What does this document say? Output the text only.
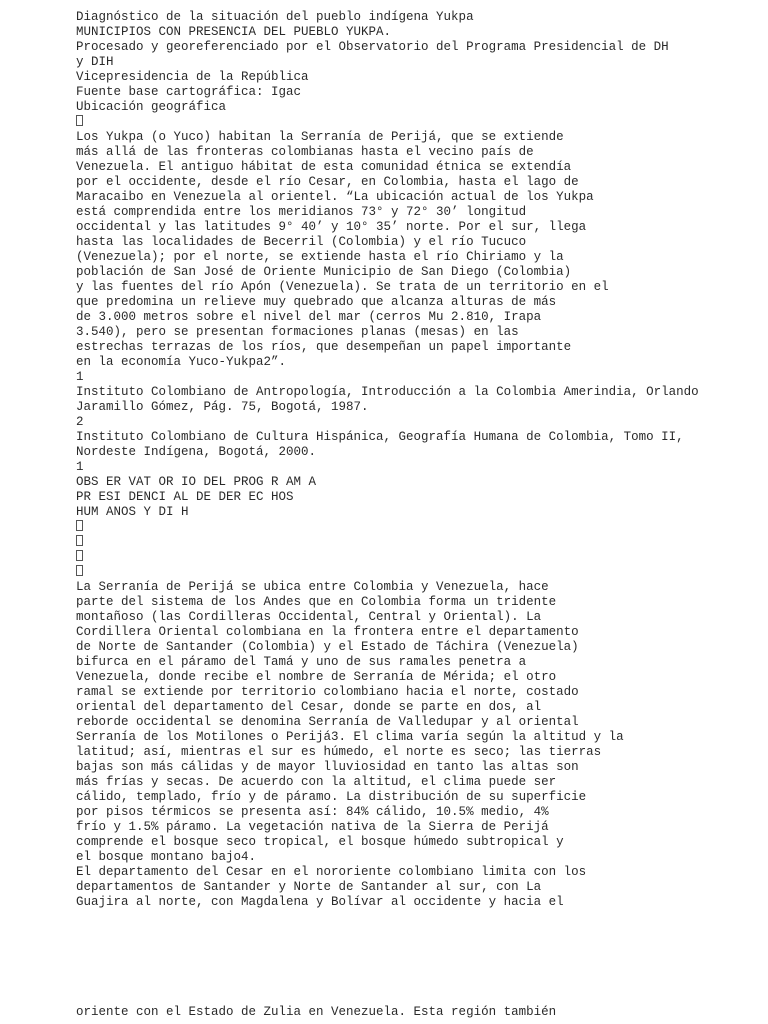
Diagnóstico de la situación del pueblo indígena Yukpa
MUNICIPIOS CON PRESENCIA DEL PUEBLO YUKPA.
Procesado y georeferenciado por el Observatorio del Programa Presidencial de DH
y DIH
Vicepresidencia de la República
Fuente base cartográfica: Igac
Ubicación geográfica
Los Yukpa (o Yuco) habitan la Serranía de Perijá, que se extiende
más allá de las fronteras colombianas hasta el vecino país de
Venezuela. El antiguo hábitat de esta comunidad étnica se extendía
por el occidente, desde el río Cesar, en Colombia, hasta el lago de
Maracaibo en Venezuela al orientel. “La ubicación actual de los Yukpa
está comprendida entre los meridianos 73° y 72° 30’ longitud
occidental y las latitudes 9° 40’ y 10° 35’ norte. Por el sur, llega
hasta las localidades de Becerril (Colombia) y el río Tucuco
(Venezuela); por el norte, se extiende hasta el río Chiriamo y la
población de San José de Oriente Municipio de San Diego (Colombia)
y las fuentes del río Apón (Venezuela). Se trata de un territorio en el
que predomina un relieve muy quebrado que alcanza alturas de más
de 3.000 metros sobre el nivel del mar (cerros Mu 2.810, Irapa
3.540), pero se presentan formaciones planas (mesas) en las
estrechas terrazas de los ríos, que desempeñan un papel importante
en la economía Yuco-Yukpa2”.
1
Instituto Colombiano de Antropología, Introducción a la Colombia Amerindia, Orlando
Jaramillo Gómez, Pág. 75, Bogotá, 1987.
2
Instituto Colombiano de Cultura Hispánica, Geografía Humana de Colombia, Tomo II,
Nordeste Indígena, Bogotá, 2000.
1
OBS ER VAT OR IO DEL PROG R AM A
PR ESI DENCI AL DE DER EC HOS
HUM ANOS Y DI H
La Serranía de Perijá se ubica entre Colombia y Venezuela, hace
parte del sistema de los Andes que en Colombia forma un tridente
montañoso (las Cordilleras Occidental, Central y Oriental). La
Cordillera Oriental colombiana en la frontera entre el departamento
de Norte de Santander (Colombia) y el Estado de Táchira (Venezuela)
bifurca en el páramo del Tamá y uno de sus ramales penetra a
Venezuela, donde recibe el nombre de Serranía de Mérida; el otro
ramal se extiende por territorio colombiano hacia el norte, costado
oriental del departamento del Cesar, donde se parte en dos, al
reborde occidental se denomina Serranía de Valledupar y al oriental
Serranía de los Motilones o Perijá3. El clima varía según la altitud y la
latitud; así, mientras el sur es húmedo, el norte es seco; las tierras
bajas son más cálidas y de mayor lluviosidad en tanto las altas son
más frías y secas. De acuerdo con la altitud, el clima puede ser
cálido, templado, frío y de páramo. La distribución de su superficie
por pisos térmicos se presenta así: 84% cálido, 10.5% medio, 4%
frío y 1.5% páramo. La vegetación nativa de la Sierra de Perijá
comprende el bosque seco tropical, el bosque húmedo subtropical y
el bosque montano bajo4.
El departamento del Cesar en el nororiente colombiano limita con los
departamentos de Santander y Norte de Santander al sur, con La
Guajira al norte, con Magdalena y Bolívar al occidente y hacia el
oriente con el Estado de Zulia en Venezuela. Esta región también
